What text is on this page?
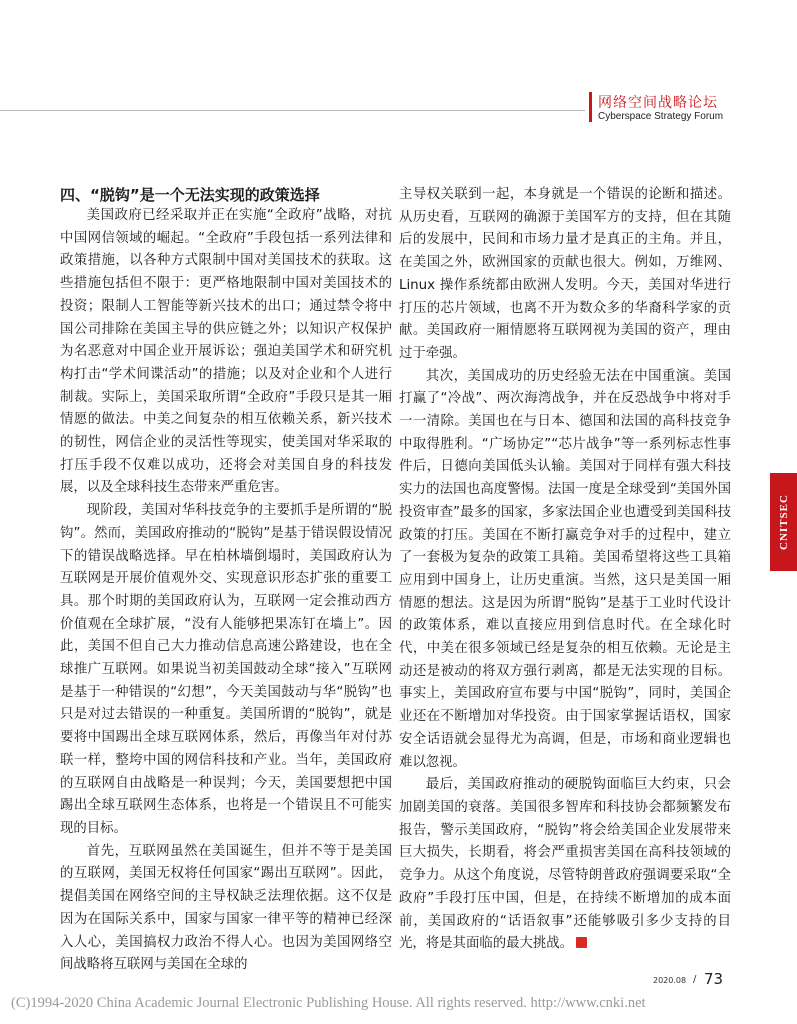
网络空间战略论坛
Cyberspace Strategy Forum
四、“脱钩”是一个无法实现的政策选择

美国政府已经采取并正在实施“全政府”战略，对抗中国网信领域的崛起。“全政府”手段包括一系列法律和政策措施，以各种方式限制中国对美国技术的获取。这些措施包括但不限于：更严格地限制中国对美国技术的投资；限制人工智能等新兴技术的出口；通过禁令将中国公司排除在美国主导的供应链之外；以知识产权保护为名恶意对中国企业开展诉讼；强迫美国学术和研究机构打击“学术间谍活动”的措施；以及对企业和个人进行制裁。实际上，美国采取所谓“全政府”手段只是其一厢情愿的做法。中美之间复杂的相互依赖关系，新兴技术的韧性，网信企业的灵活性等现实，使美国对华采取的打压手段不仅难以成功，还将会对美国自身的科技发展，以及全球科技生态带来严重危害。

现阶段，美国对华科技竞争的主要抓手是所谓的“脱钩”。然而，美国政府推动的“脱钩”是基于错误假设情况下的错误战略选择。早在柏林墙倒塌时，美国政府认为互联网是开展价值观外交、实现意识形态扩张的重要工具。那个时期的美国政府认为，互联网一定会推动西方价值观在全球扩展，“没有人能够把果冻钉在墙上”。因此，美国不但自己大力推动信息高速公路建设，也在全球推广互联网。如果说当初美国鼓动全球“接入”互联网是基于一种错误的“幻想”，今天美国鼓动与华“脱钩”也只是对过去错误的一种重复。美国所谓的“脱钩”，就是要将中国踢出全球互联网体系，然后，再像当年对付苏联一样，整垮中国的网信科技和产业。当年，美国政府的互联网自由战略是一种误判；今天，美国要想把中国踢出全球互联网生态体系，也将是一个错误且不可能实现的目标。

首先，互联网虽然在美国诞生，但并不等于是美国的互联网，美国无权将任何国家“踢出互联网”。因此，提倡美国在网络空间的主导权缺乏法理依据。这不仅是因为在国际关系中，国家与国家一律平等的精神已经深入人心，美国搞权力政治不得人心。也因为美国网络空间战略将互联网与美国在全球的

主导权关联到一起，本身就是一个错误的论断和描述。从历史看，互联网的确源于美国军方的支持，但在其随后的发展中，民间和市场力量才是真正的主角。并且，在美国之外，欧洲国家的贡献也很大。例如，万维网、Linux 操作系统都由欧洲人发明。今天，美国对华进行打压的芯片领域，也离不开为数众多的华裔科学家的贡献。美国政府一厢情愿将互联网视为美国的资产，理由过于牵强。

其次，美国成功的历史经验无法在中国重演。美国打赢了“冷战”、两次海湾战争，并在反恐战争中将对手一一清除。美国也在与日本、德国和法国的高科技竞争中取得胜利。“广场协定”“芯片战争”等一系列标志性事件后，日德向美国低头认输。美国对于同样有强大科技实力的法国也高度警惕。法国一度是全球受到“美国外国投资审查”最多的国家，多家法国企业也遭受到美国科技政策的打压。美国在不断打赢竞争对手的过程中，建立了一套极为复杂的政策工具箱。美国希望将这些工具箱应用到中国身上，让历史重演。当然，这只是美国一厢情愿的想法。这是因为所谓“脱钩”是基于工业时代设计的政策体系，难以直接应用到信息时代。在全球化时代，中美在很多领域已经是复杂的相互依赖。无论是主动还是被动的将双方强行剥离，都是无法实现的目标。事实上，美国政府宣布要与中国“脱钩”，同时，美国企业还在不断增加对华投资。由于国家掌握话语权，国家安全话语就会显得尤为高调，但是，市场和商业逻辑也难以忽视。

最后，美国政府推动的硬脱钩面临巨大约束，只会加剧美国的衰落。美国很多智库和科技协会都频繁发布报告，警示美国政府，“脱钩”将会给美国企业发展带来巨大损失，长期看，将会严重损害美国在高科技领域的竞争力。从这个角度说，尽管特朗普政府强调要采取“全政府”手段打压中国，但是，在持续不断增加的成本面前，美国政府的“话语叙事”还能够吸引多少支持的目光，将是其面临的最大挑战。

CNITSEC
2020.08 / 73
(C)1994-2020 China Academic Journal Electronic Publishing House. All rights reserved. http://www.cnki.net
